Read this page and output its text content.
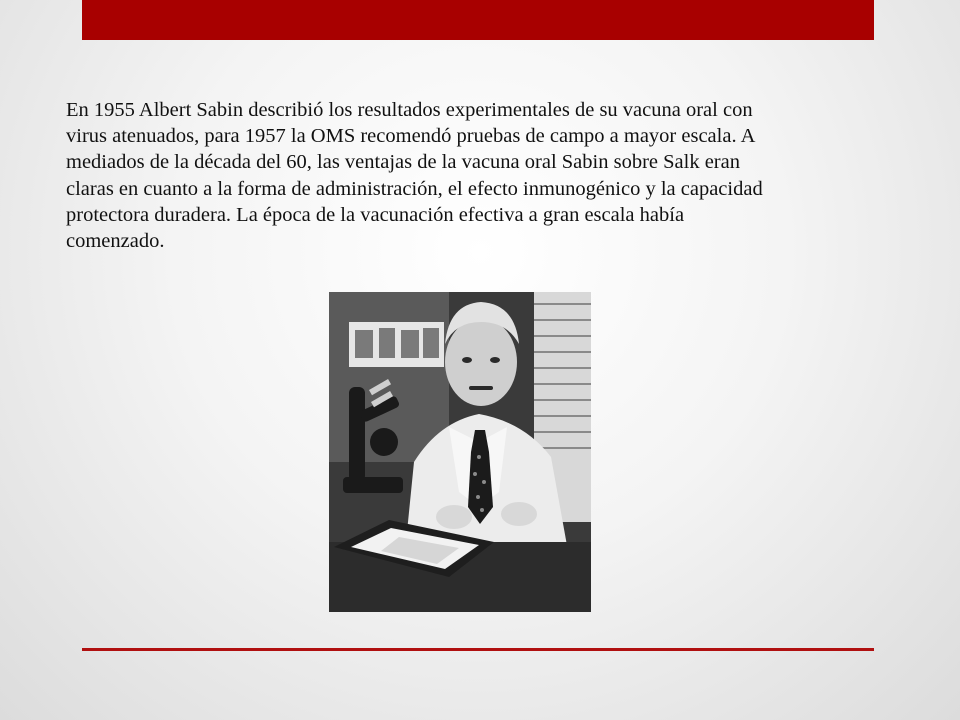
En 1955 Albert Sabin describió los resultados experimentales de su vacuna oral con
virus atenuados, para 1957 la OMS recomendó pruebas de campo a mayor escala. A
mediados de la década del 60, las ventajas de la vacuna oral Sabin sobre Salk eran
claras en cuanto a la forma de administración, el efecto inmunogénico y la capacidad
protectora duradera. La época de la vacunación efectiva a gran escala había
comenzado.
